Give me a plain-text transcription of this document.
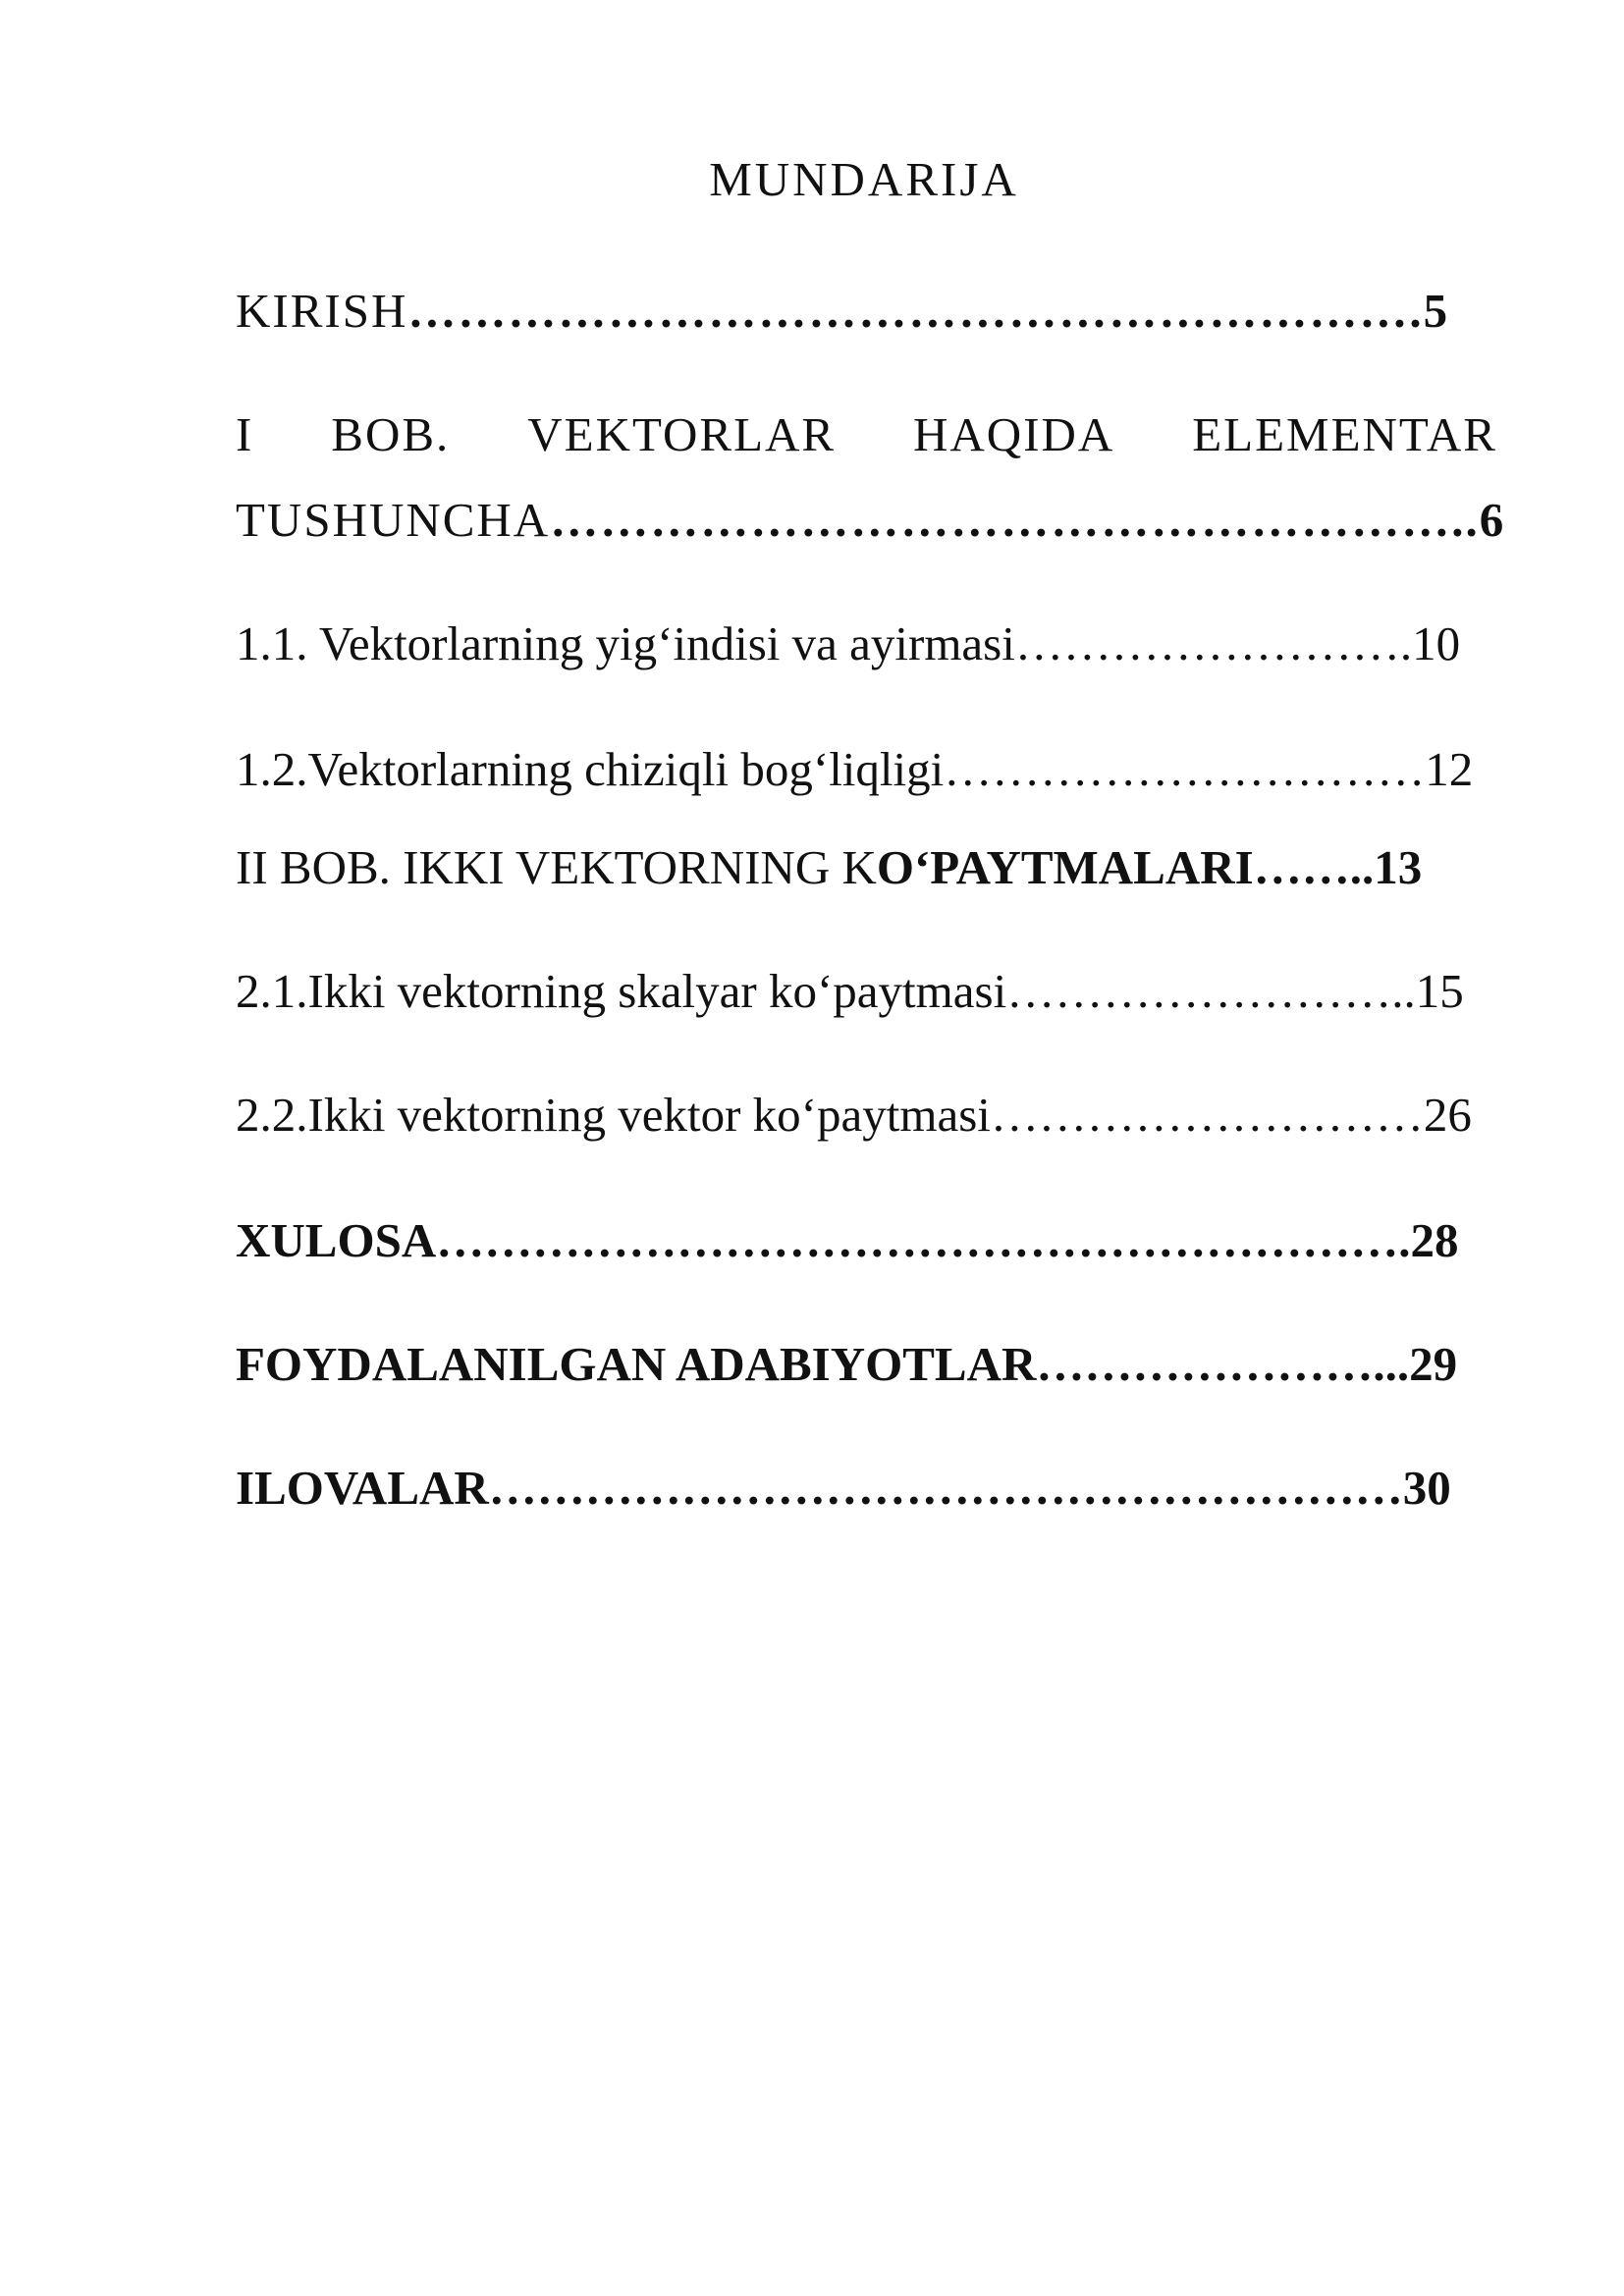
MUNDARIJA
KIRISH…………………………………………………….5
I BOB. VEKTORLAR HAQIDA ELEMENTAR
TUSHUNCHA………………………………………………..6
1.1. Vektorlarning yig‘indisi va ayirmasi…………………….10
1.2.Vektorlarning chiziqli bog‘liqligi…………………………12
II BOB. IKKI VEKTORNING KO‘PAYTMALARI……..13
2.1.Ikki vektorning skalyar ko‘paytmasi……………………..15
2.2.Ikki vektorning vektor ko‘paytmasi………………………26
XULOSA…………………………………………………….28
FOYDALANILGAN ADABIYOTLAR…………………...29
ILOVALAR…………………………………………………30
